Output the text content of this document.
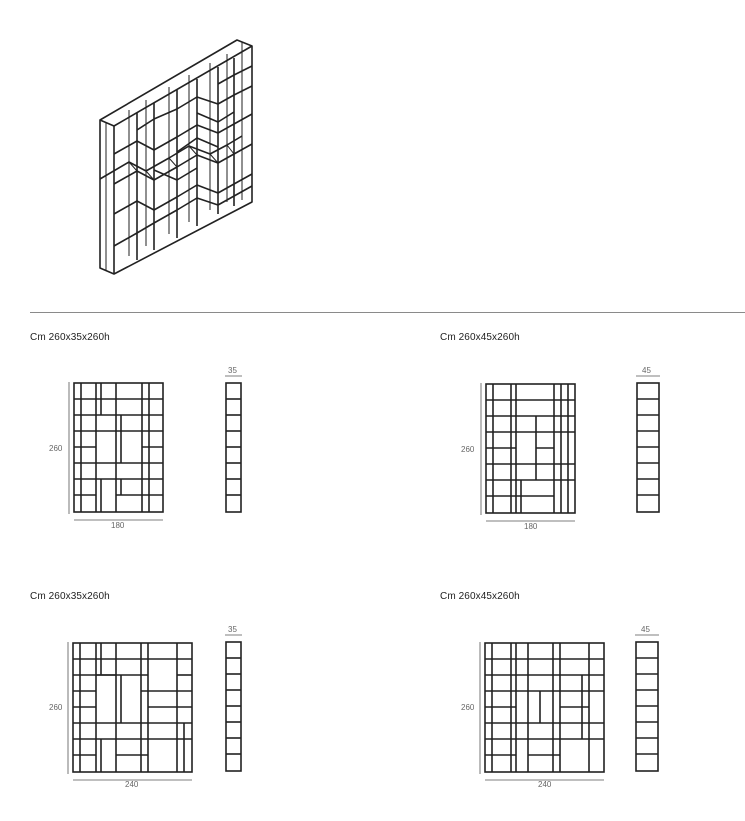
Cm 260x35x260h
260
180
35
Cm 260x45x260h
260
180
45
Cm 260x35x260h
260
240
35
Cm 260x45x260h
260
240
45
